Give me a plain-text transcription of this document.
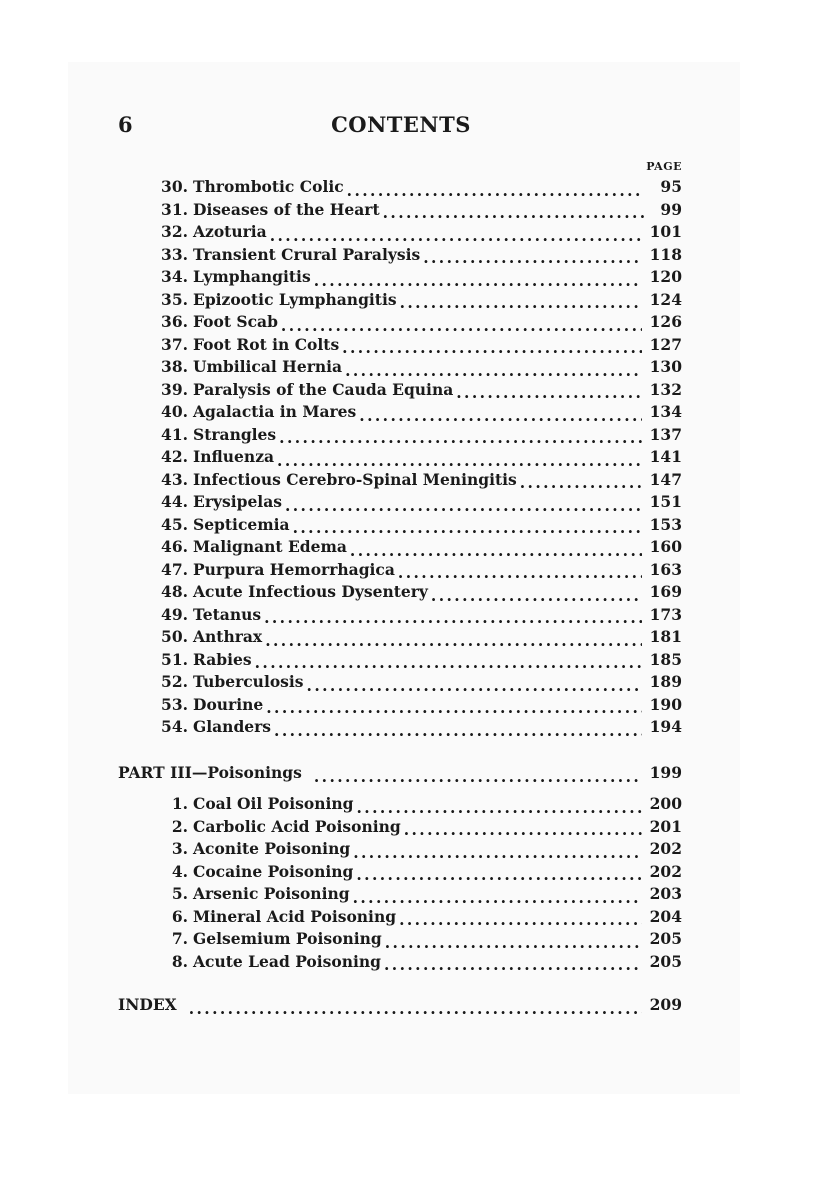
6	CONTENTS
PAGE
30. Thrombotic Colic . . .	95
31. Diseases of the Heart . . .	99
32. Azoturia . . .	101
33. Transient Crural Paralysis . . .	118
34. Lymphangitis . . .	120
35. Epizootic Lymphangitis . . .	124
36. Foot Scab . . .	126
37. Foot Rot in Colts . . .	127
38. Umbilical Hernia . . .	130
39. Paralysis of the Cauda Equina . . .	132
40. Agalactia in Mares . . .	134
41. Strangles . . .	137
42. Influenza . . .	141
43. Infectious Cerebro-Spinal Meningitis . . .	147
44. Erysipelas . . .	151
45. Septicemia . . .	153
46. Malignant Edema . . .	160
47. Purpura Hemorrhagica . . .	163
48. Acute Infectious Dysentery . . .	169
49. Tetanus . . .	173
50. Anthrax . . .	181
51. Rabies . . .	185
52. Tuberculosis . . .	189
53. Dourine . . .	190
54. Glanders . . .	194
PART III—Poisonings . . .	199
1. Coal Oil Poisoning . . .	200
2. Carbolic Acid Poisoning . . .	201
3. Aconite Poisoning . . .	202
4. Cocaine Poisoning . . .	202
5. Arsenic Poisoning . . .	203
6. Mineral Acid Poisoning . . .	204
7. Gelsemium Poisoning . . .	205
8. Acute Lead Poisoning . . .	205
INDEX . . .	209
